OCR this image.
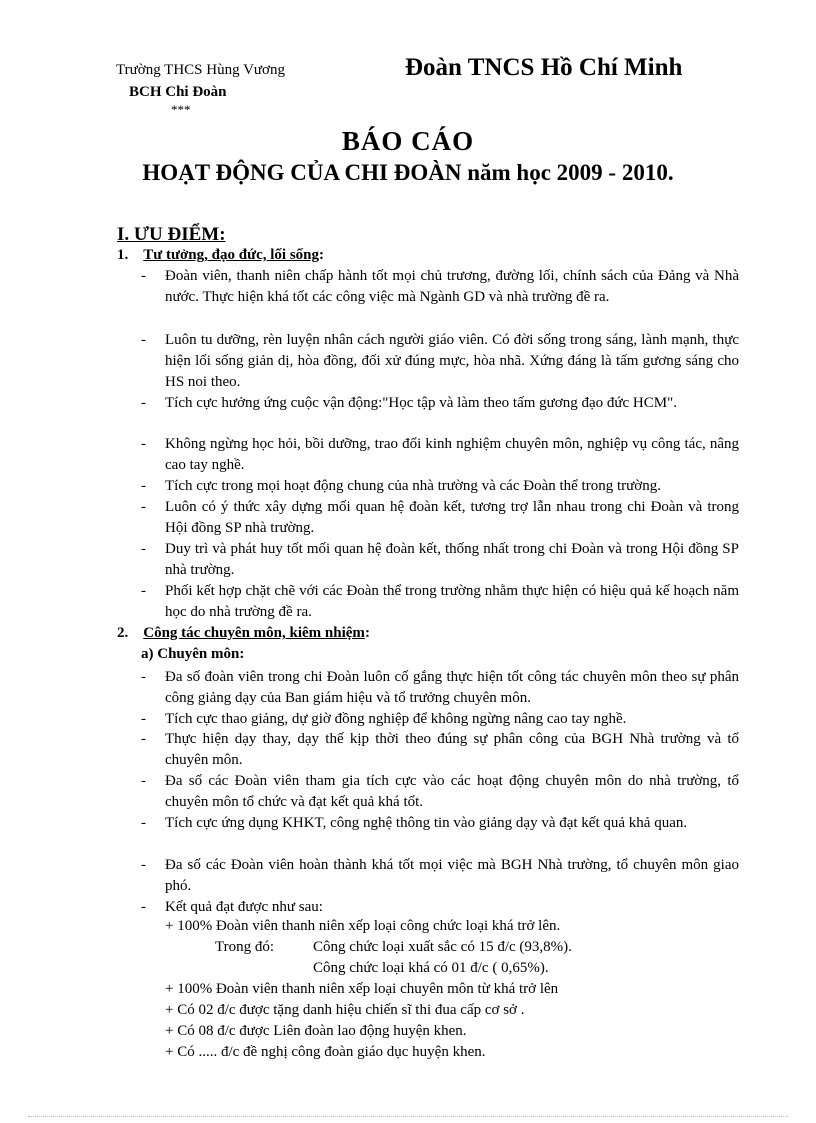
Trường THCS Hùng Vương
BCH Chi Đoàn
***
Đoàn TNCS Hồ Chí Minh
BÁO CÁO
HOẠT ĐỘNG CỦA CHI ĐOÀN năm học 2009 - 2010.
I. ƯU ĐIỂM:
1. Tư tưởng, đạo đức, lối sống:
- Đoàn viên, thanh niên chấp hành tốt mọi chủ trương, đường lối, chính sách của Đảng và Nhà nước. Thực hiện khá tốt các công việc mà Ngành GD và nhà trường đề ra.
- Luôn tu dưỡng, rèn luyện nhân cách người giáo viên. Có đời sống trong sáng, lành mạnh, thực hiện lối sống giản dị, hòa đồng, đối xử đúng mực, hòa nhã. Xứng đáng là tấm gương sáng cho HS noi theo.
- Tích cực hưởng ứng cuộc vận động:"Học tập và làm theo tấm gương đạo đức HCM".
- Không ngừng học hỏi, bồi dưỡng, trao đổi kinh nghiệm chuyên môn, nghiệp vụ công tác, nâng cao tay nghề.
- Tích cực trong mọi hoạt động chung của nhà trường và các Đoàn thể trong trường.
- Luôn có ý thức xây dựng mối quan hệ đoàn kết, tương trợ lẫn nhau trong chi Đoàn và trong Hội đồng SP nhà trường.
- Duy trì và phát huy tốt mối quan hệ đoàn kết, thống nhất trong chi Đoàn và trong Hội đồng SP nhà trường.
- Phối kết hợp chặt chẽ với các Đoàn thể trong trường nhằm thực hiện có hiệu quả kế hoạch năm học do nhà trường đề ra.
2. Công tác chuyên môn, kiêm nhiệm:
a) Chuyên môn:
- Đa số đoàn viên trong chi Đoàn luôn cố gắng thực hiện tốt công tác chuyên môn theo sự phân công giảng dạy của Ban giám hiệu và tổ trưởng chuyên môn.
- Tích cực thao giảng, dự giờ đồng nghiệp để không ngừng nâng cao tay nghề.
- Thực hiện dạy thay, dạy thế kịp thời theo đúng sự phân công của BGH Nhà trường và tổ chuyên môn.
- Đa số các Đoàn viên tham gia tích cực vào các hoạt động chuyên môn do nhà trường, tổ chuyên môn tổ chức và đạt kết quả khá tốt.
- Tích cực ứng dụng KHKT, công nghệ thông tin vào giảng dạy và đạt kết quả khả quan.
- Đa số các Đoàn viên hoàn thành khá tốt mọi việc mà BGH Nhà trường, tổ chuyên môn giao phó.
- Kết quả đạt được như sau:
+ 100% Đoàn viên thanh niên xếp loại công chức loại khá trở lên.
Trong đó:	Công chức loại xuất sắc có 15 đ/c (93,8%).
Công chức loại khá có 01 đ/c ( 0,65%).
+ 100% Đoàn viên thanh niên xếp loại chuyên môn từ khá trở lên
+ Có 02 đ/c được tặng danh hiệu chiến sĩ thi đua cấp cơ sở .
+ Có 08 đ/c được Liên đoàn lao động huyện khen.
+ Có ..... đ/c đề nghị công đoàn giáo dục huyện khen.
